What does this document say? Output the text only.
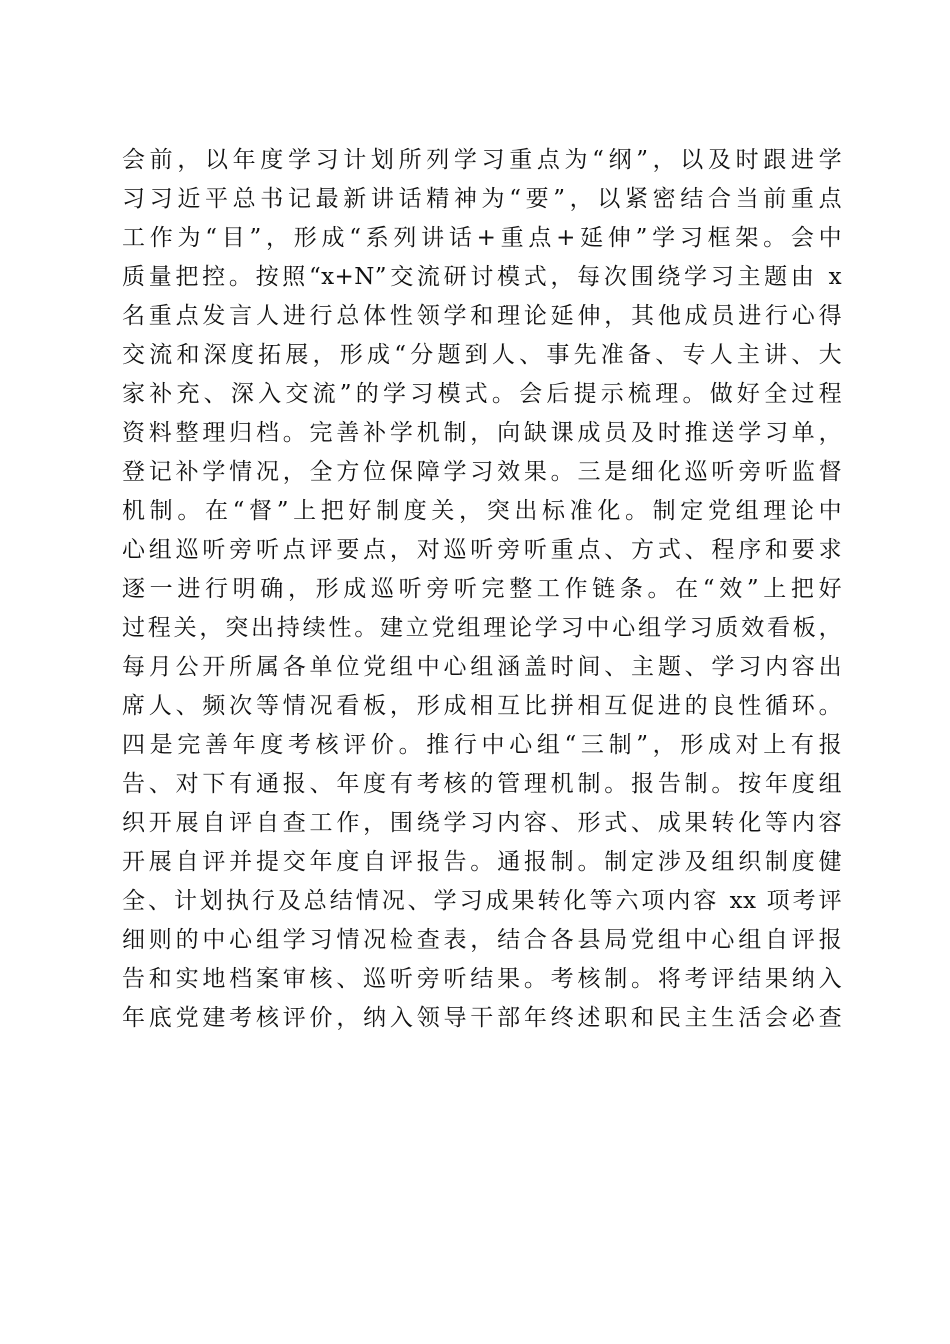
会前，以年度学习计划所列学习重点为“纲”，以及时跟进学
习习近平总书记最新讲话精神为“要”，以紧密结合当前重点
工作为“目”，形成“系列讲话+重点+延伸”学习框架。会中
质量把控。按照“x+N”交流研讨模式，每次围绕学习主题由 x
名重点发言人进行总体性领学和理论延伸，其他成员进行心得
交流和深度拓展，形成“分题到人、事先准备、专人主讲、大
家补充、深入交流”的学习模式。会后提示梳理。做好全过程
资料整理归档。完善补学机制，向缺课成员及时推送学习单，
登记补学情况，全方位保障学习效果。三是细化巡听旁听监督
机制。在“督”上把好制度关，突出标准化。制定党组理论中
心组巡听旁听点评要点，对巡听旁听重点、方式、程序和要求
逐一进行明确，形成巡听旁听完整工作链条。在“效”上把好
过程关，突出持续性。建立党组理论学习中心组学习质效看板，
每月公开所属各单位党组中心组涵盖时间、主题、学习内容出
席人、频次等情况看板，形成相互比拼相互促进的良性循环。
四是完善年度考核评价。推行中心组“三制”，形成对上有报
告、对下有通报、年度有考核的管理机制。报告制。按年度组
织开展自评自查工作，围绕学习内容、形式、成果转化等内容
开展自评并提交年度自评报告。通报制。制定涉及组织制度健
全、计划执行及总结情况、学习成果转化等六项内容 xx 项考评
细则的中心组学习情况检查表，结合各县局党组中心组自评报
告和实地档案审核、巡听旁听结果。考核制。将考评结果纳入
年底党建考核评价，纳入领导干部年终述职和民主生活会必查
